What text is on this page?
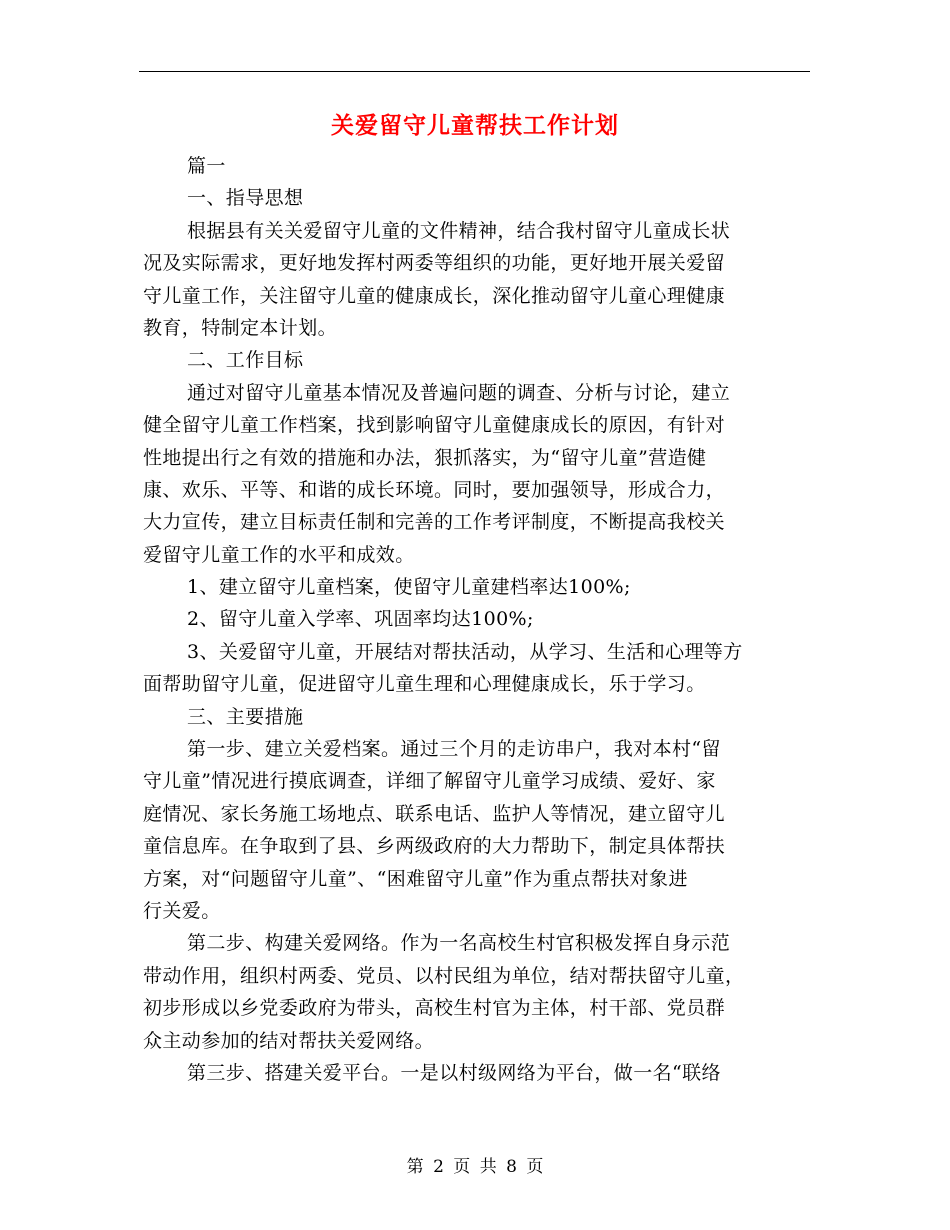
关爱留守儿童帮扶工作计划
篇一
一、指导思想
根据县有关关爱留守儿童的文件精神，结合我村留守儿童成长状
况及实际需求，更好地发挥村两委等组织的功能，更好地开展关爱留
守儿童工作，关注留守儿童的健康成长，深化推动留守儿童心理健康
教育，特制定本计划。
二、工作目标
通过对留守儿童基本情况及普遍问题的调查、分析与讨论，建立
健全留守儿童工作档案，找到影响留守儿童健康成长的原因，有针对
性地提出行之有效的措施和办法，狠抓落实，为“留守儿童”营造健
康、欢乐、平等、和谐的成长环境。同时，要加强领导，形成合力，
大力宣传，建立目标责任制和完善的工作考评制度，不断提高我校关
爱留守儿童工作的水平和成效。
1、建立留守儿童档案，使留守儿童建档率达100%;
2、留守儿童入学率、巩固率均达100%;
3、关爱留守儿童，开展结对帮扶活动，从学习、生活和心理等方
面帮助留守儿童，促进留守儿童生理和心理健康成长，乐于学习。
三、主要措施
第一步、建立关爱档案。通过三个月的走访串户，我对本村“留
守儿童”情况进行摸底调查，详细了解留守儿童学习成绩、爱好、家
庭情况、家长务施工场地点、联系电话、监护人等情况，建立留守儿
童信息库。在争取到了县、乡两级政府的大力帮助下，制定具体帮扶
方案，对“问题留守儿童”、“困难留守儿童”作为重点帮扶对象进
行关爱。
第二步、构建关爱网络。作为一名高校生村官积极发挥自身示范
带动作用，组织村两委、党员、以村民组为单位，结对帮扶留守儿童，
初步形成以乡党委政府为带头，高校生村官为主体，村干部、党员群
众主动参加的结对帮扶关爱网络。
第三步、搭建关爱平台。一是以村级网络为平台，做一名“联络
第 2 页 共 8 页
